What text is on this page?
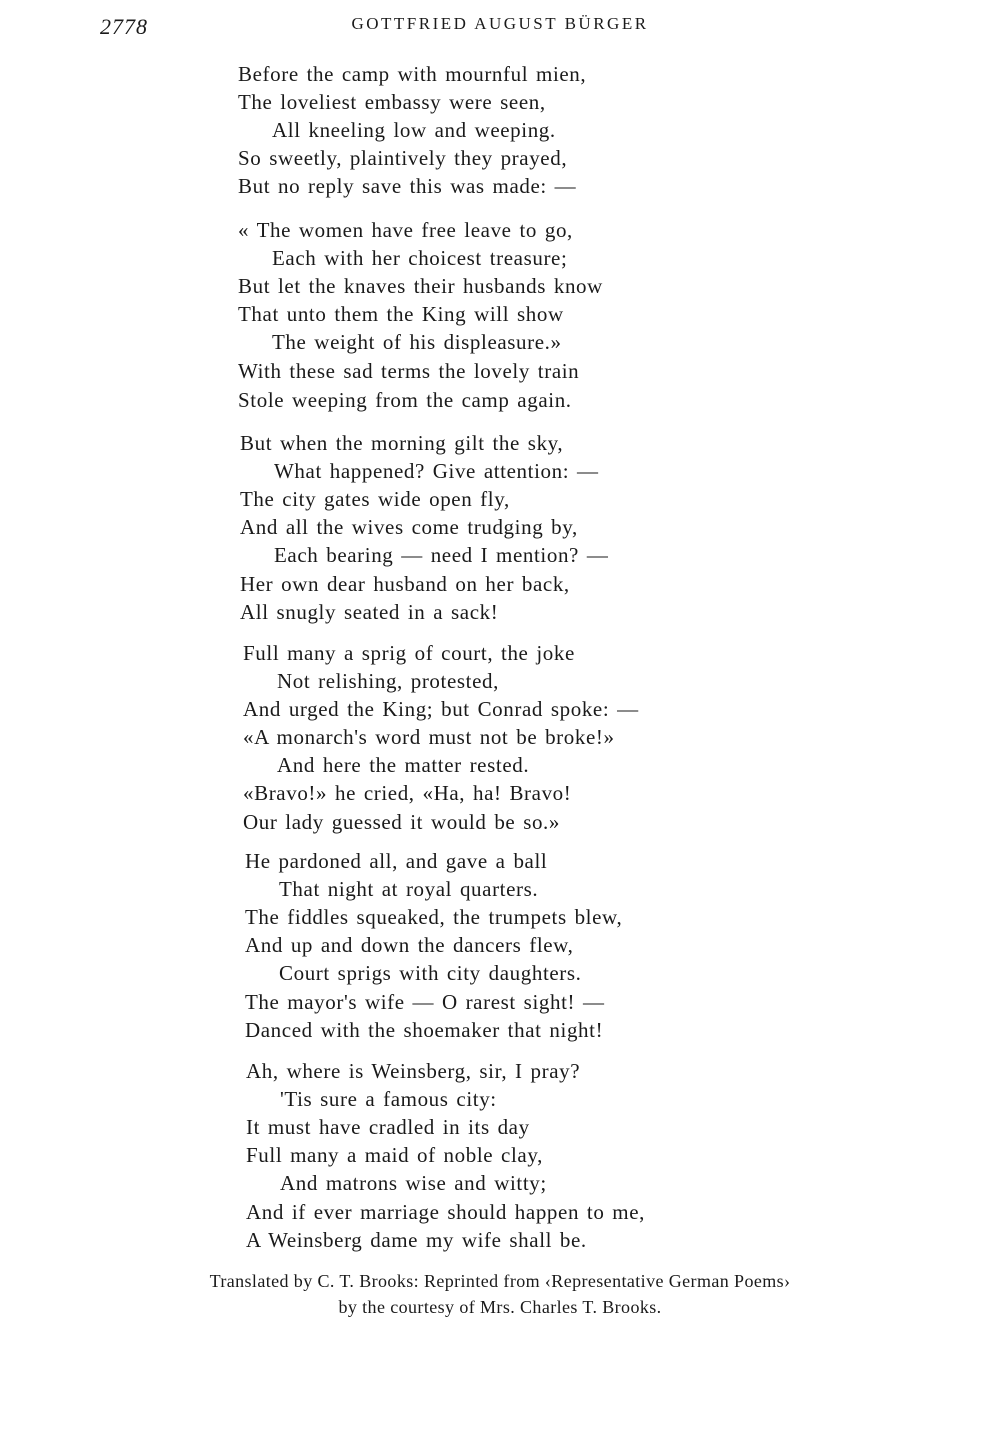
2778	GOTTFRIED AUGUST BÜRGER
Before the camp with mournful mien,
The loveliest embassy were seen,
All kneeling low and weeping.
So sweetly, plaintively they prayed,
But no reply save this was made: —
« The women have free leave to go,
Each with her choicest treasure;
But let the knaves their husbands know
That unto them the King will show
The weight of his displeasure.»
With these sad terms the lovely train
Stole weeping from the camp again.
But when the morning gilt the sky,
What happened? Give attention: —
The city gates wide open fly,
And all the wives come trudging by,
Each bearing — need I mention? —
Her own dear husband on her back,
All snugly seated in a sack!
Full many a sprig of court, the joke
Not relishing, protested,
And urged the King; but Conrad spoke: —
«A monarch's word must not be broke!»
And here the matter rested.
«Bravo!» he cried, «Ha, ha! Bravo!
Our lady guessed it would be so.»
He pardoned all, and gave a ball
That night at royal quarters.
The fiddles squeaked, the trumpets blew,
And up and down the dancers flew,
Court sprigs with city daughters.
The mayor's wife — O rarest sight! —
Danced with the shoemaker that night!
Ah, where is Weinsberg, sir, I pray?
'Tis sure a famous city:
It must have cradled in its day
Full many a maid of noble clay,
And matrons wise and witty;
And if ever marriage should happen to me,
A Weinsberg dame my wife shall be.
Translated by C. T. Brooks: Reprinted from ‹Representative German Poems›
by the courtesy of Mrs. Charles T. Brooks.
